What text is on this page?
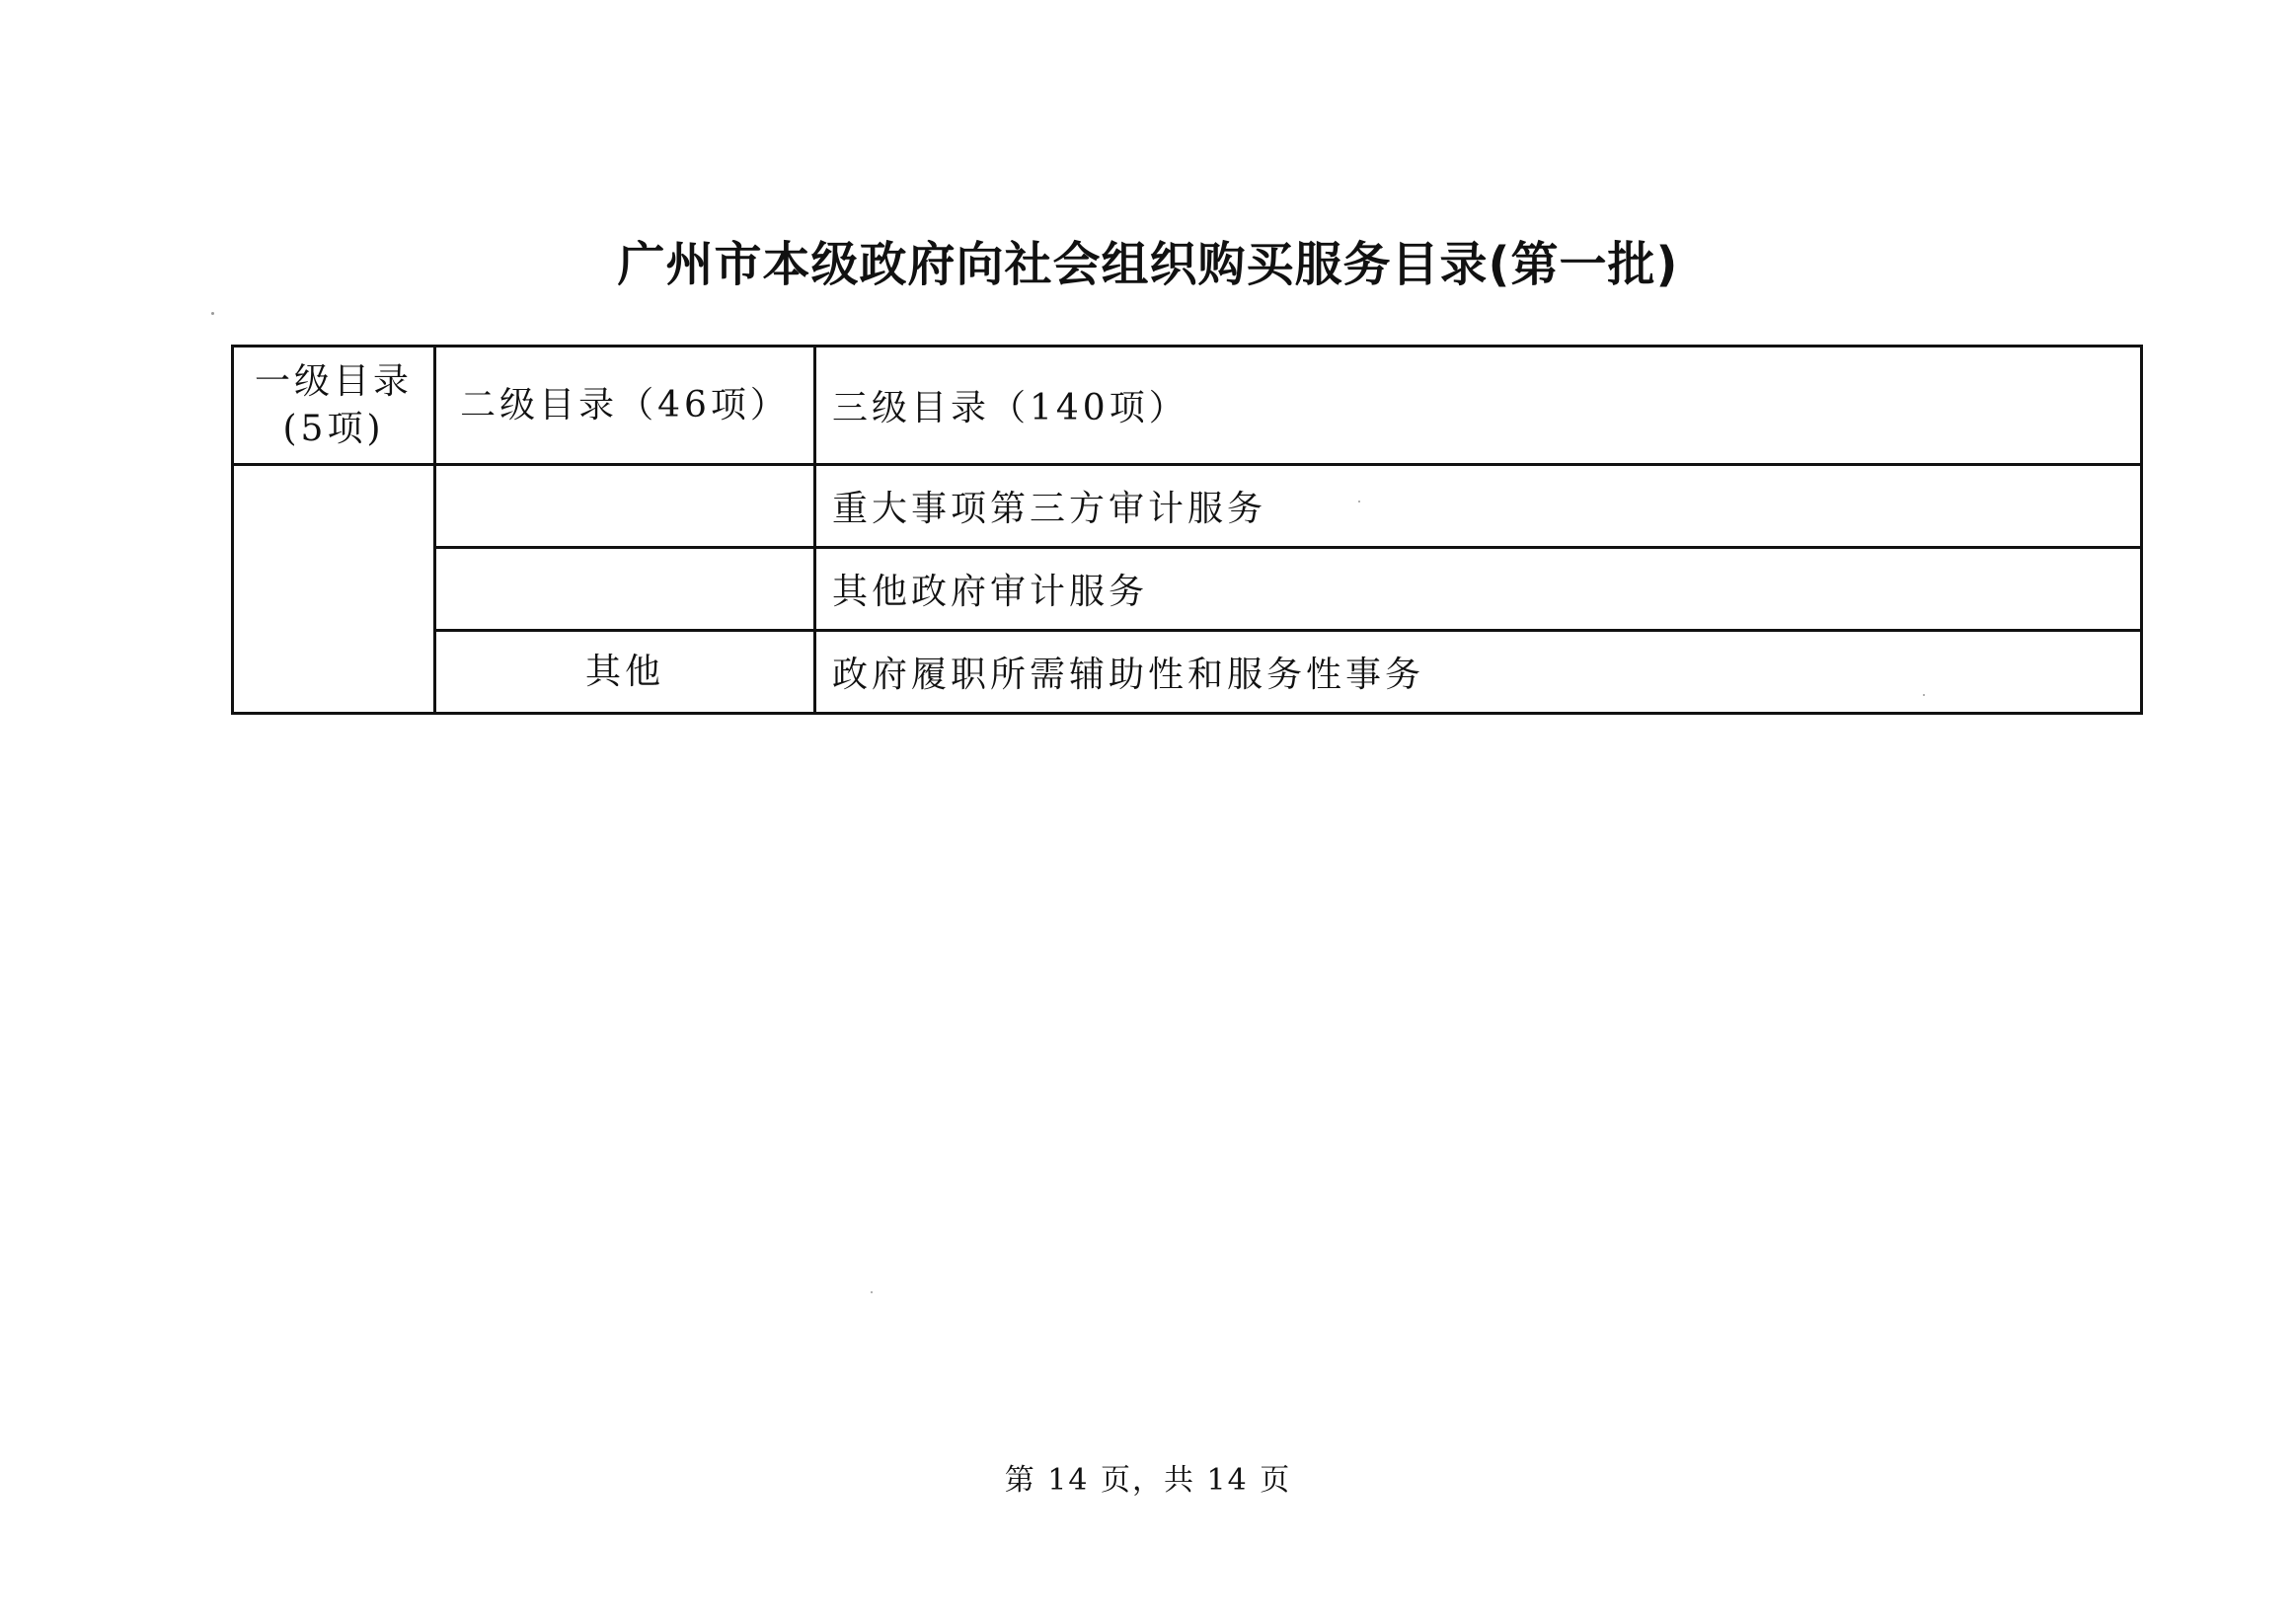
广州市本级政府向社会组织购买服务目录(第一批)
一级目录
(5项)	二级目录（46项）	三级目录（140项）
		重大事项第三方审计服务
		其他政府审计服务
	其他	政府履职所需辅助性和服务性事务
第 14 页，共 14 页
